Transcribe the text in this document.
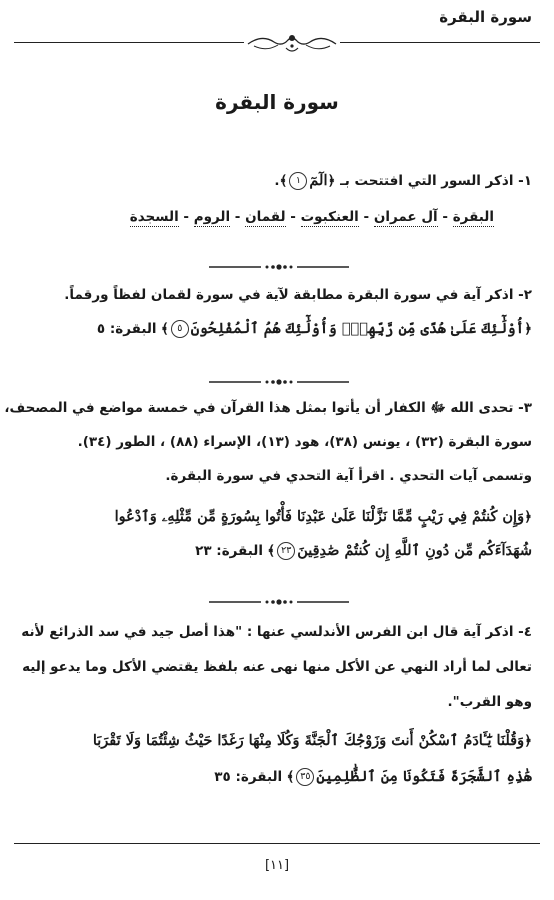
سورة البقرة
سورة البقرة
١- اذكر السور التي افتتحت بـ ﴿الٓمٓ١﴾.
البقرة - آل عمران - العنكبوت - لقمان - الروم - السجدة
٢- اذكر آية في سورة البقرة مطابقة لآية في سورة لقمان لفظاً ورقماً.
﴿أُوْلَٰٓئِكَ عَلَىٰ هُدًى مِّن رَّبِّهِمْۖ وَأُوْلَٰٓئِكَ هُمُ ٱلْمُفْلِحُونَ٥﴾ البقرة: ٥
٣- تحدى الله ﷻ الكفار أن يأتوا بمثل هذا القرآن في خمسة مواضع في المصحف،
سورة البقرة (٣٢) ، يونس (٣٨)، هود (١٣)، الإسراء (٨٨) ، الطور (٣٤).
وتسمى آيات التحدي . اقرأ آية التحدي في سورة البقرة.
﴿وَإِن كُنتُمْ فِي رَيْبٍ مِّمَّا نَزَّلْنَا عَلَىٰ عَبْدِنَا فَأْتُوا بِسُورَةٍ مِّن مِّثْلِهِۦ وَٱدْعُوا
شُهَدَآءَكُم مِّن دُونِ ٱللَّهِ إِن كُنتُمْ صَٰدِقِينَ٢٣﴾ البقرة: ٢٣
٤- اذكر آية قال ابن الفرس الأندلسي عنها : "هذا أصل جيد في سد الذرائع لأنه
تعالى لما أراد النهي عن الأكل منها نهى عنه بلفظ يقتضي الأكل وما يدعو إليه
وهو القرب".
﴿وَقُلْنَا يَٰٓـَٔادَمُ ٱسْكُنْ أَنتَ وَزَوْجُكَ ٱلْجَنَّةَ وَكُلَا مِنْهَا رَغَدًا حَيْثُ شِئْتُمَا وَلَا تَقْرَبَا
هَٰذِهِ ٱلشَّجَرَةَ فَتَكُونَا مِنَ ٱلظَّٰلِمِينَ٣٥﴾ البقرة: ٣٥
[١١]
